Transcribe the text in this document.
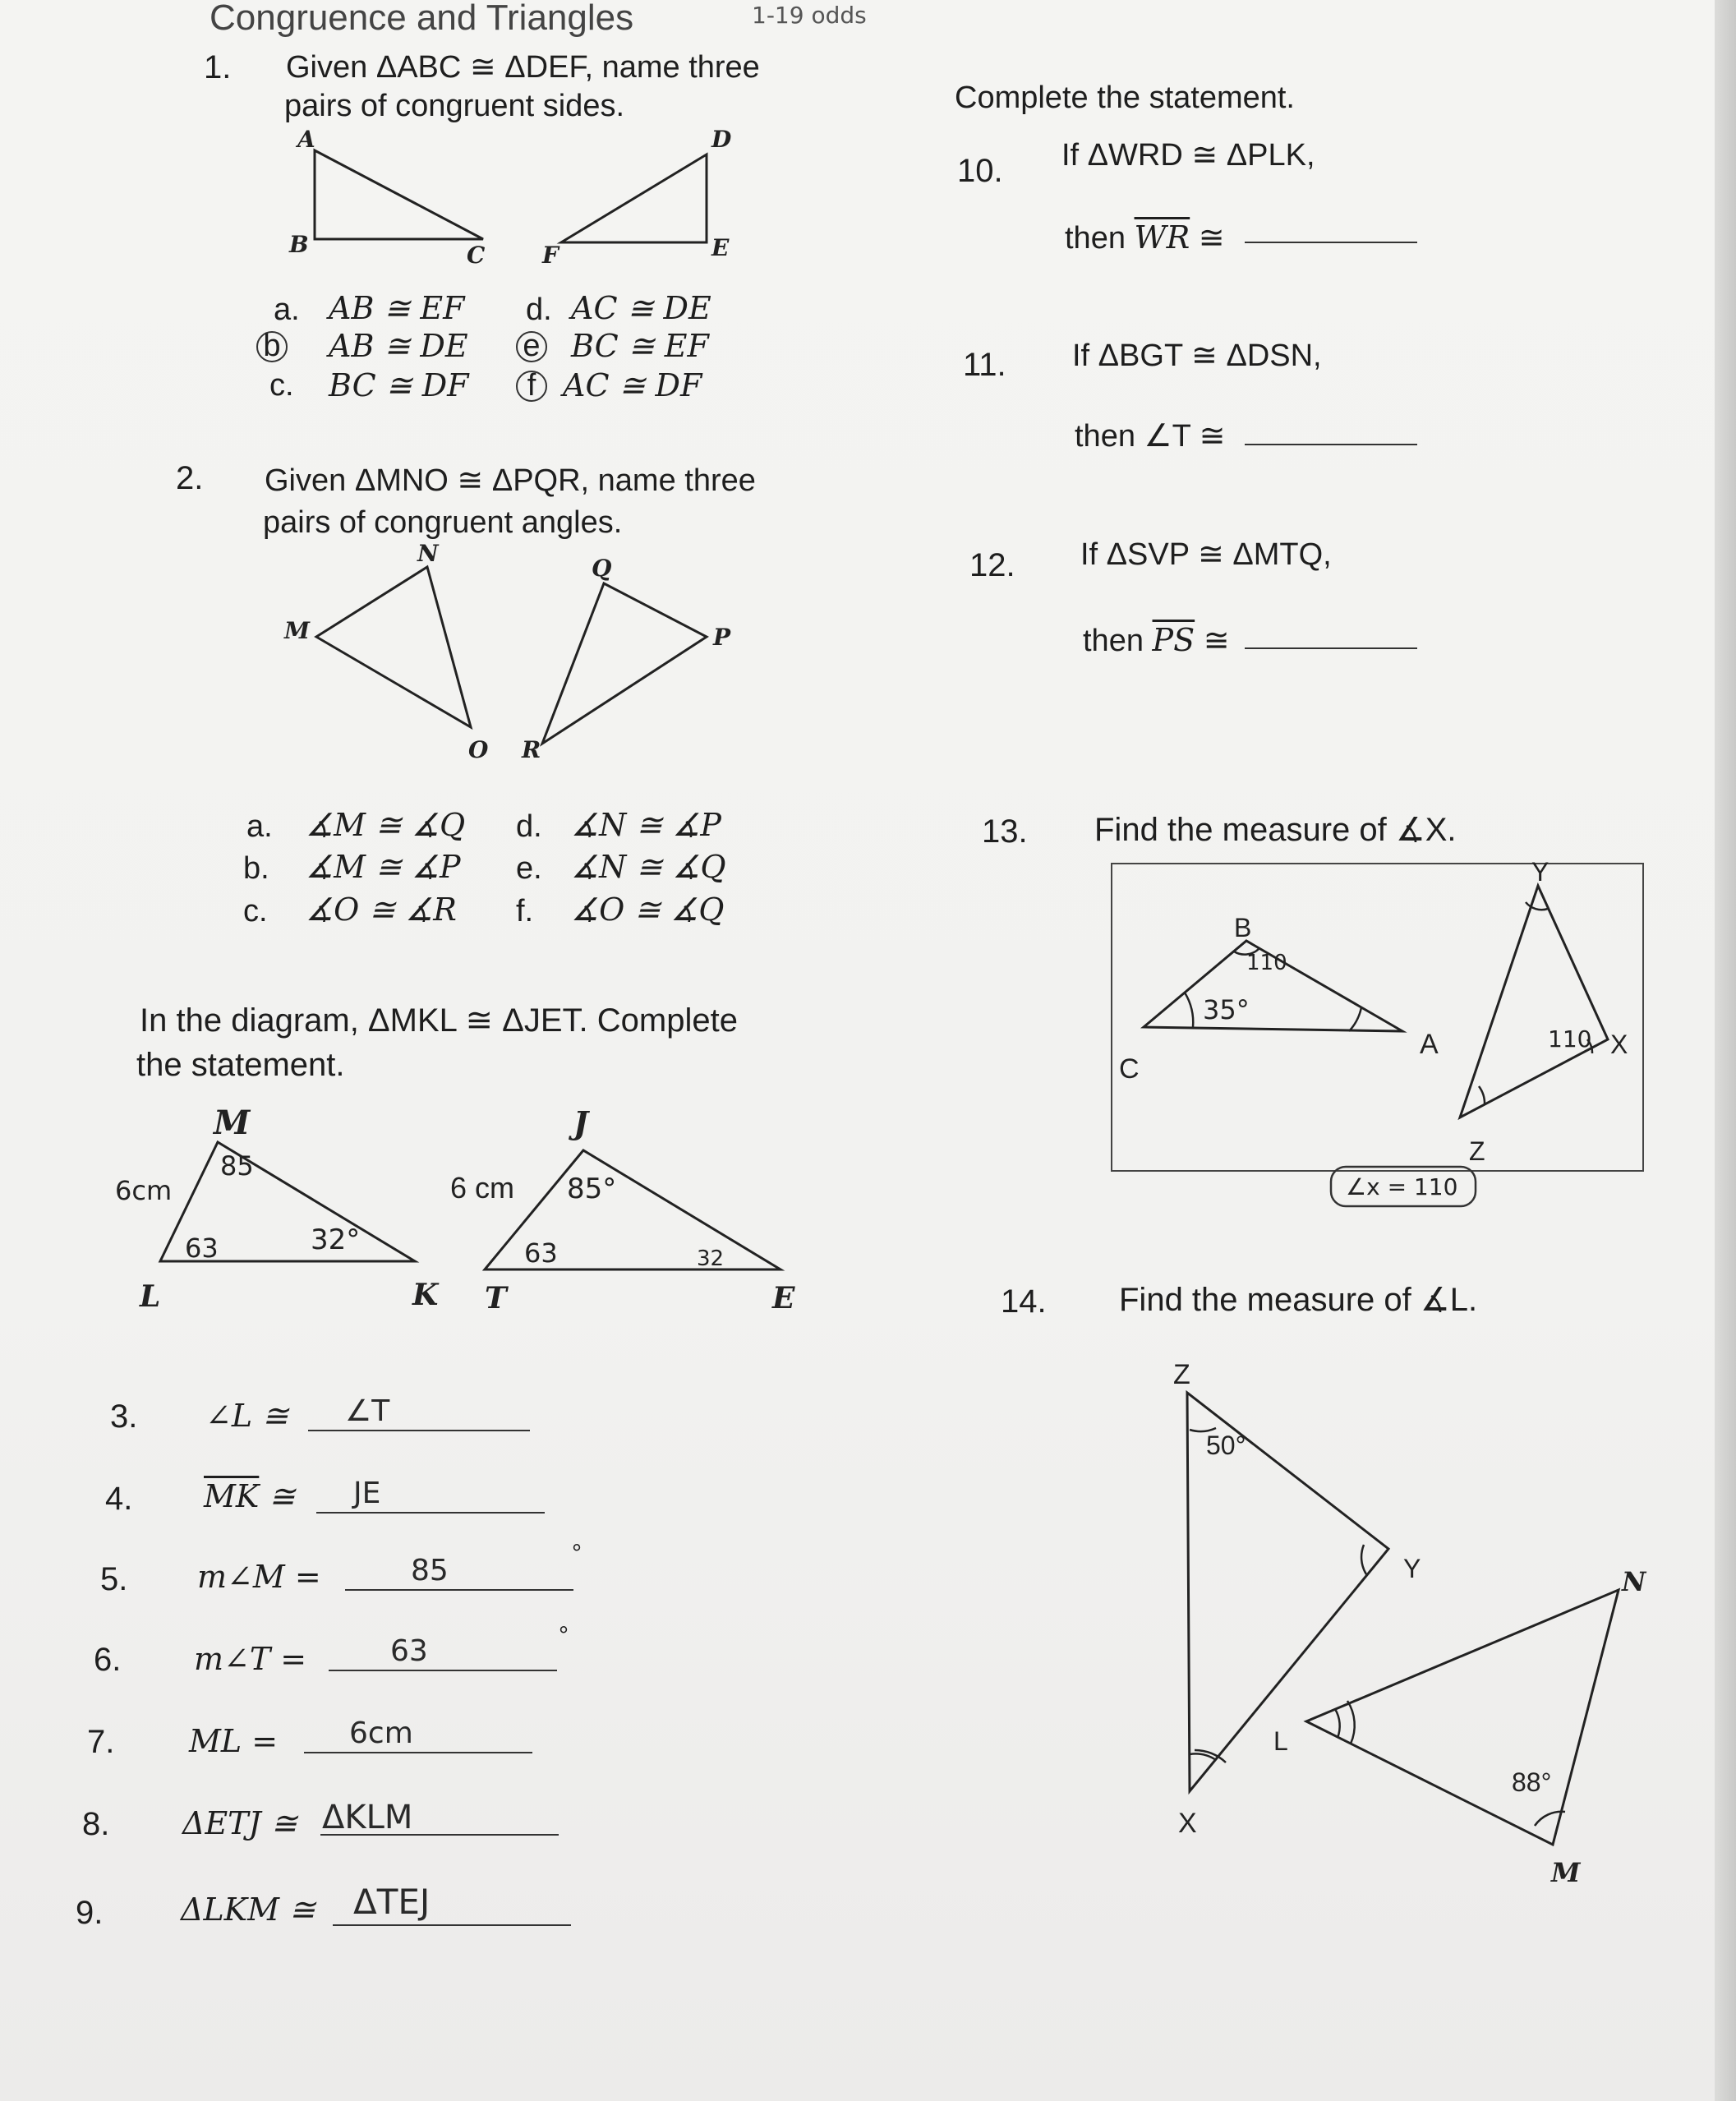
Congruence and Triangles	1-19 odds
1. Given ΔABC ≅ ΔDEF, name three
pairs of congruent sides.
A
B	C
D
E
F
a. AB ≅ EF
b AB ≅ DE
c. BC ≅ DF
d. AC ≅ DE
e BC ≅ EF
f AC ≅ DF
2. Given ΔMNO ≅ ΔPQR, name three
pairs of congruent angles.
M
N
O
P
Q
R
a. ∡M ≅ ∡Q
b. ∡M ≅ ∡P
c. ∡O ≅ ∡R
d. ∡N ≅ ∡P
e. ∡N ≅ ∡Q
f. ∡O ≅ ∡Q
In the diagram, ΔMKL ≅ ΔJET. Complete
the statement.
M
L	K
6cm
85
63	32°
J
T	E
6 cm 85°
63	32
3. ∠L ≅ ∠T
4. $\overline{MK}$ ≅ JE
5. m∠M =	85
°
6. m∠T =	63	°
7. ML = 6cm
8. ΔETJ ≅ ΔKLM
9. ΔLKM ≅ ΔTEJ
Complete the statement.
10. If ΔWRD ≅ ΔPLK,
then $\overline{WR}$ ≅
11. If ΔBGT ≅ ΔDSN,
then ∠T ≅
12. If ΔSVP ≅ ΔMTQ,
then $\overline{PS}$ ≅
13. Find the measure of ∡X.
B
C
A
110
35°
Y
X
Z
110
∠x = 110
14. Find the measure of ∡L.
Z
X
Y
L
N
M
50°
88°
